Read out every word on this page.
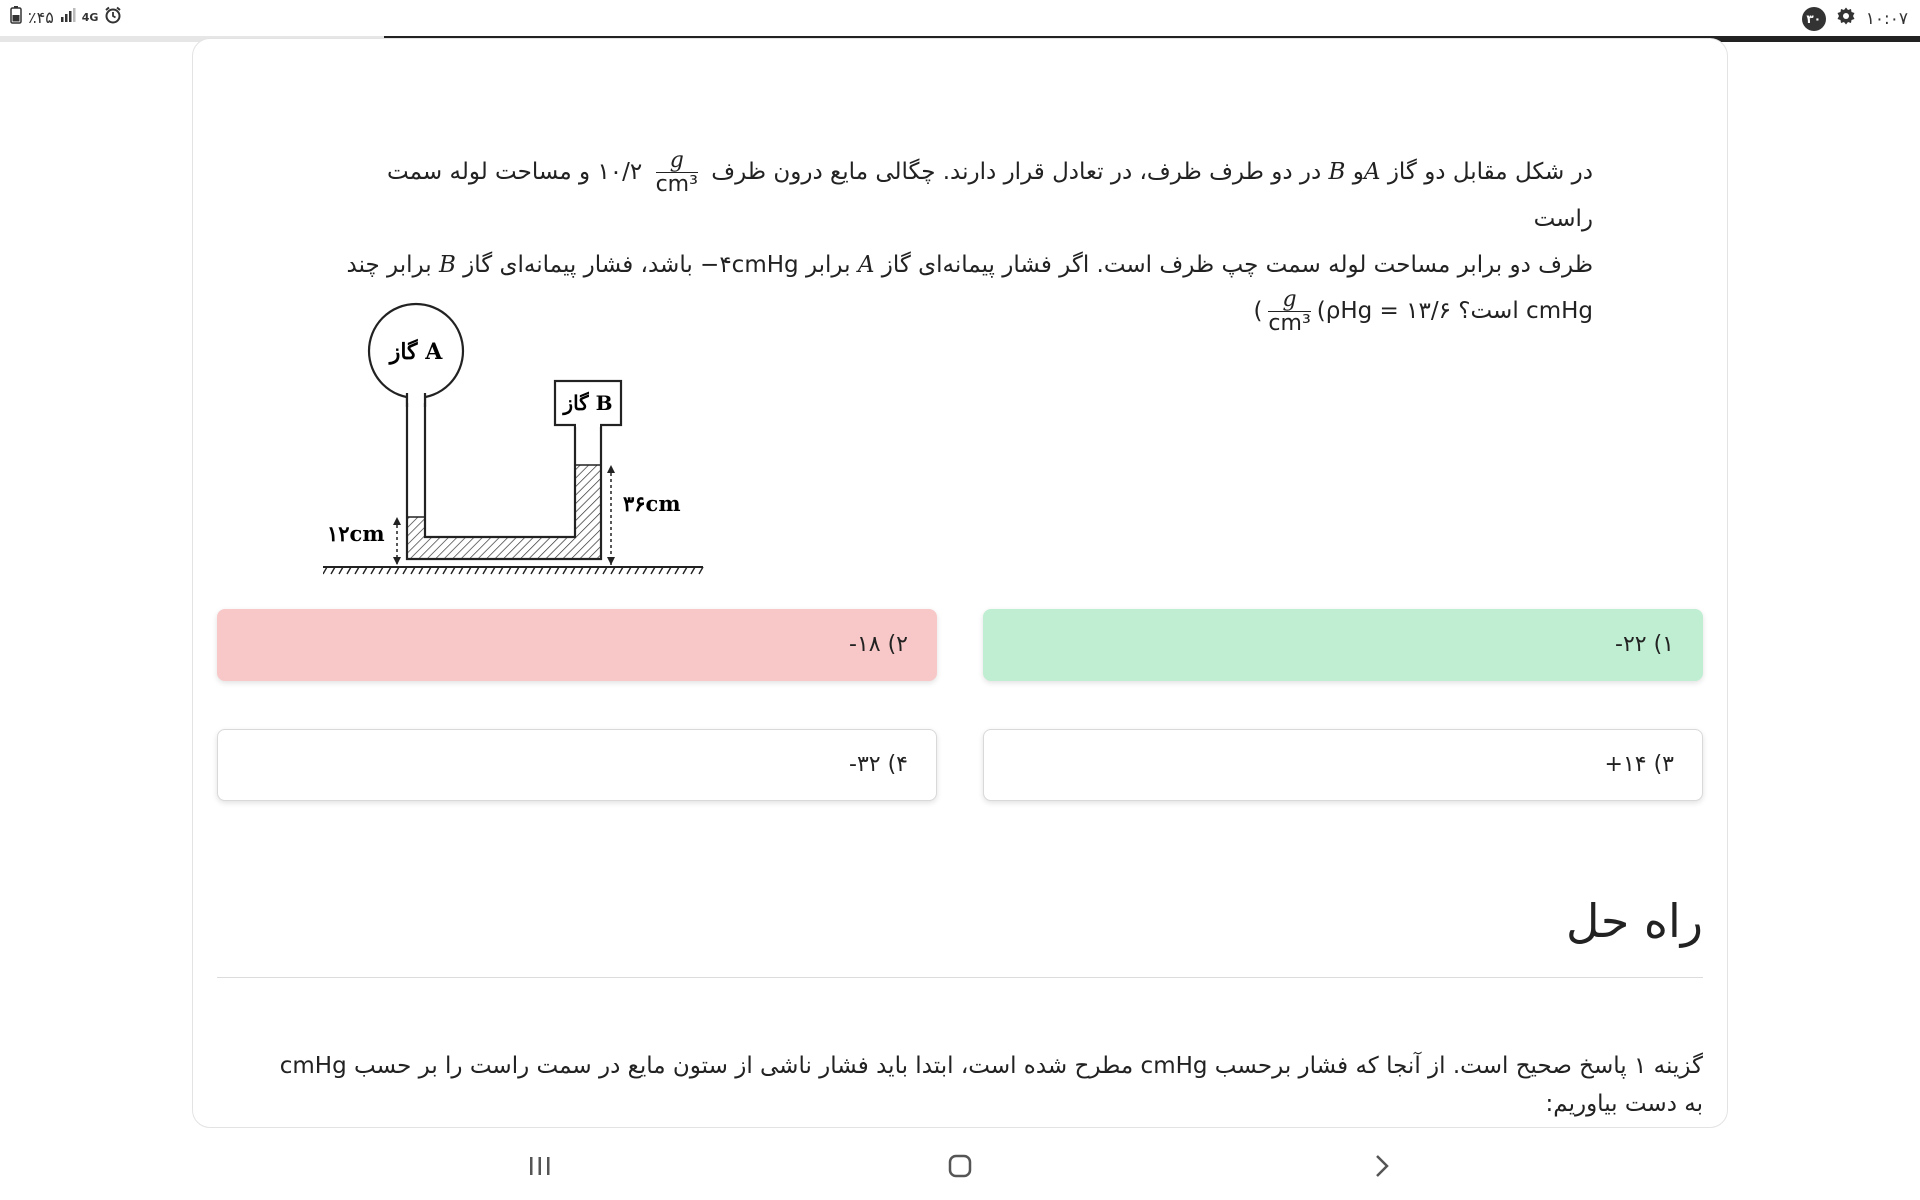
٪۴۵	4G	۳۰	۱۰:۰۷
در شکل مقابل دو گاز Aو B در دو طرف ظرف، در تعادل قرار دارند. چگالی مایع درون ظرف
$\frac{g}{\text{cm³}}$
۱۰/۲ و مساحت لوله سمت راست
ظرف دو برابر مساحت لوله سمت چپ ظرف است. اگر فشار پیمانه‌ای گاز A برابر ۴cmHg− باشد، فشار پیمانه‌ای گاز B برابر چند
cmHg است؟ (ρHg = ۱۳/۶
$\frac{g}{\text{cm³}}$
)
گاز A
گاز B
۳۶cm
۱۲cm
۱) ۲۲-
۲) ۱۸-
۳) ۱۴+
۴) ۳۲-
راه حل
گزینه ۱ پاسخ صحیح است. از آنجا که فشار برحسب cmHg مطرح شده است، ابتدا باید فشار ناشی از ستون مایع در سمت راست را بر حسب cmHg
به دست بیاوریم:
